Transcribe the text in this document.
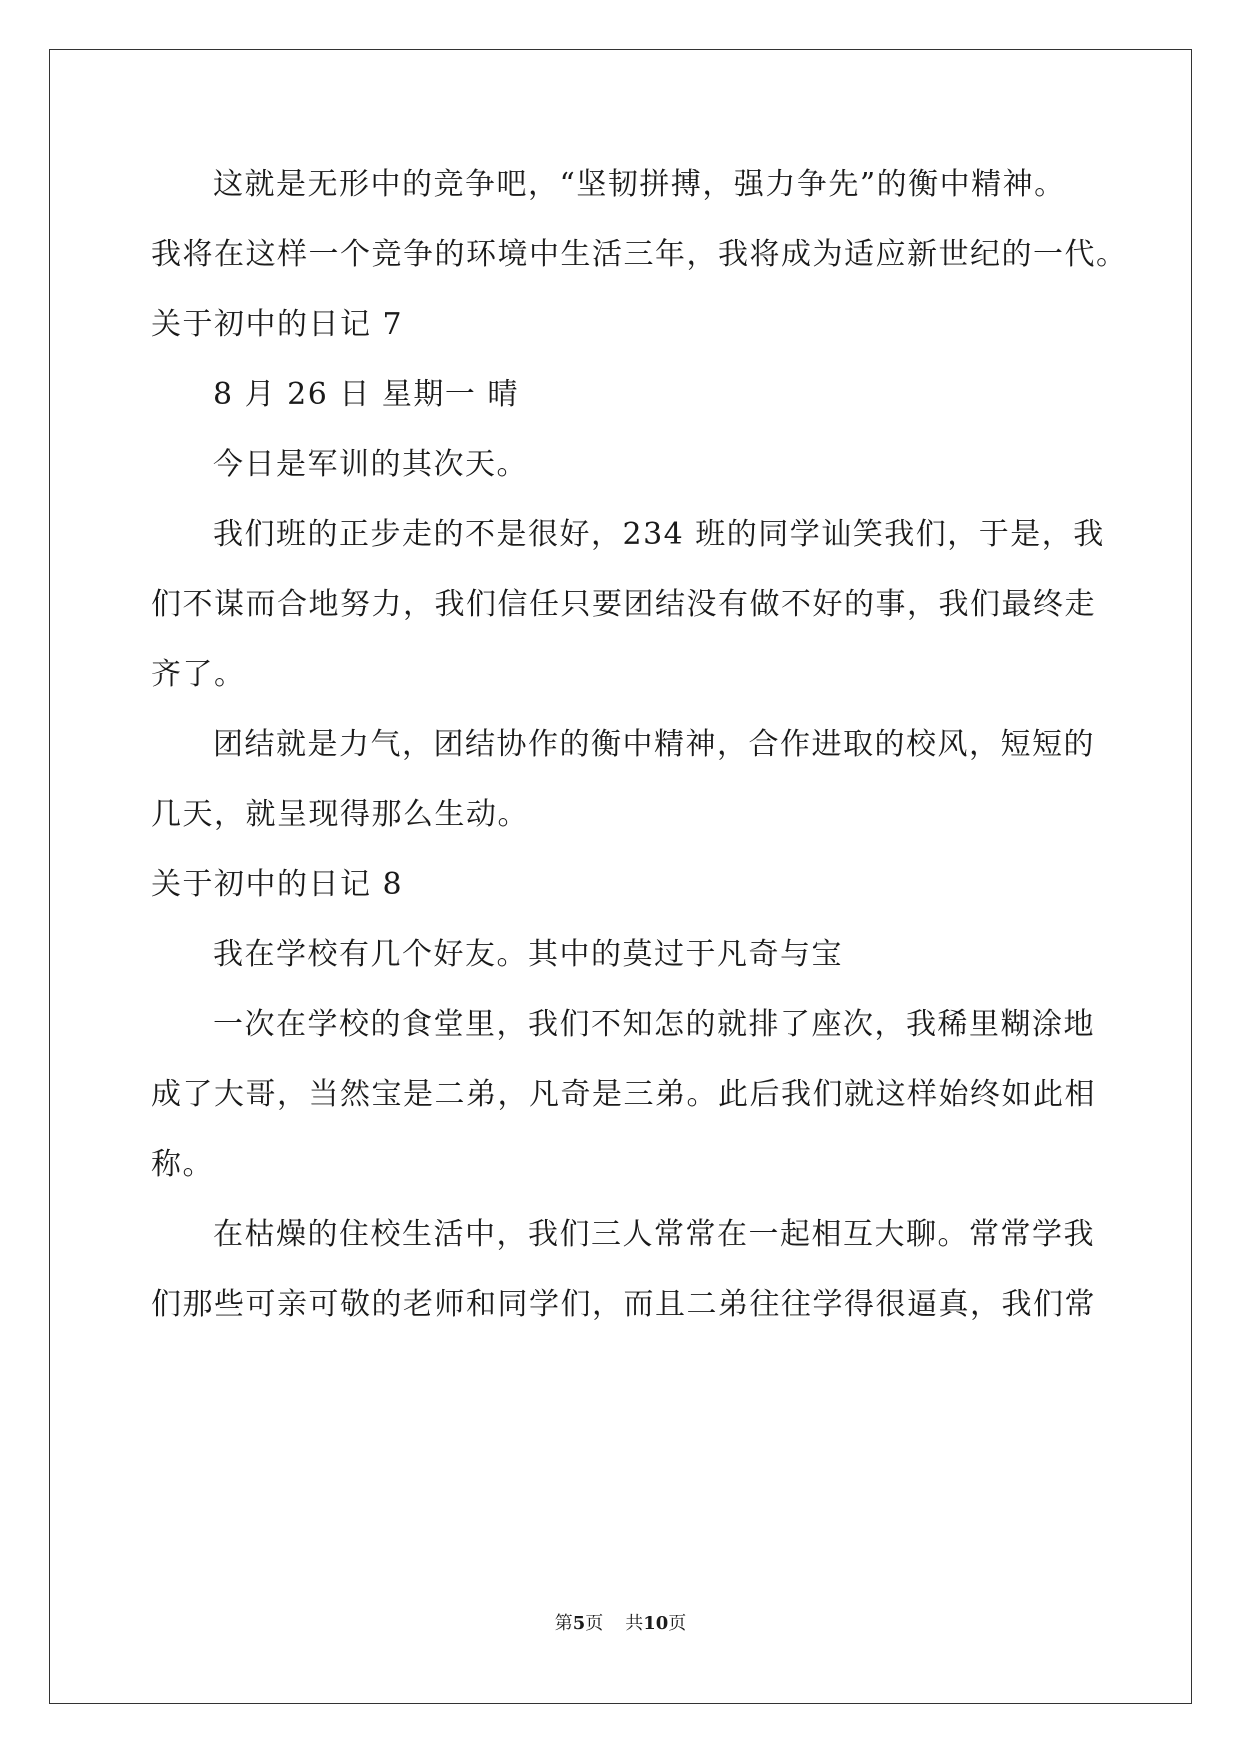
这就是无形中的竞争吧，“坚韧拼搏，强力争先”的衡中精神。
我将在这样一个竞争的环境中生活三年，我将成为适应新世纪的一代。
关于初中的日记 7
8 月 26 日 星期一 晴
今日是军训的其次天。
我们班的正步走的不是很好，234 班的同学讪笑我们，于是，我
们不谋而合地努力，我们信任只要团结没有做不好的事，我们最终走
齐了。
团结就是力气，团结协作的衡中精神，合作进取的校风，短短的
几天，就呈现得那么生动。
关于初中的日记 8
我在学校有几个好友。其中的莫过于凡奇与宝
一次在学校的食堂里，我们不知怎的就排了座次，我稀里糊涂地
成了大哥，当然宝是二弟，凡奇是三弟。此后我们就这样始终如此相
称。
在枯燥的住校生活中，我们三人常常在一起相互大聊。常常学我
们那些可亲可敬的老师和同学们，而且二弟往往学得很逼真，我们常
第5页 共10页
